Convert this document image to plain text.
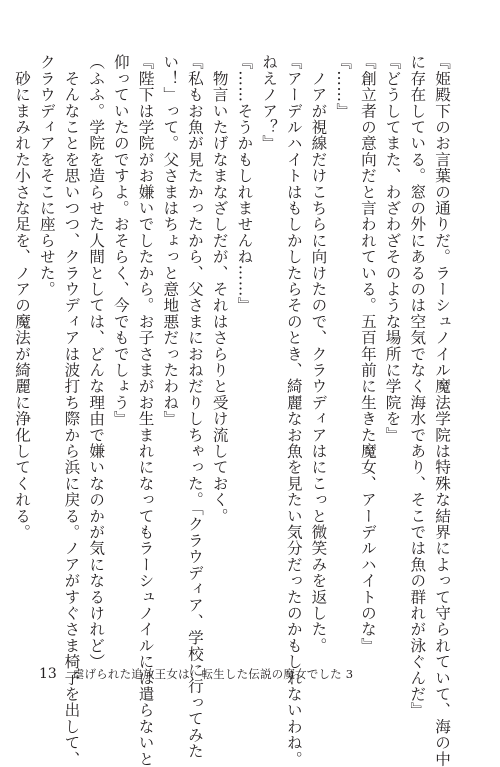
『姫殿下のお言葉の通りだ。ラーシュノイル魔法学院は特殊な結界によって守られていて、海の中
に存在している。窓の外にあるのは空気でなく海水であり、そこでは魚の群れが泳ぐんだ』
『どうしてまた、わざわざそのような場所に学院を』
『創立者の意向だと言われている。五百年前に生きた魔女、アーデルハイトのな』
『……』
　ノアが視線だけこちらに向けたので、クラウディアはにこっと微笑みを返した。
『アーデルハイトはもしかしたらそのとき、綺麗なお魚を見たい気分だったのかもしれないわね。
ねえノア？』
『……そうかもしれませんね……』
　物言いたげなまなざしだが、それはさらりと受け流しておく。
『私もお魚が見たかったから、父さまにおねだりしちゃった。「クラウディア、学校に行ってみた
い！」って。父さまはちょっと意地悪だったわね』
『陛下は学院がお嫌いでしたから。お子さまがお生まれになってもラーシュノイルには遣らないと
仰っていたのですよ。おそらく、今でもでしょう』
（ふふ。学院を造らせた人間としては、どんな理由で嫌いなのかが気になるけれど）
　そんなことを思いつつ、クラウディアは波打ち際から浜に戻る。ノアがすぐさま椅子を出して、
クラウディアをそこに座らせた。
　砂にまみれた小さな足を、ノアの魔法が綺麗に浄化してくれる。
13 虐げられた追放王女は、転生した伝説の魔女でした 3
